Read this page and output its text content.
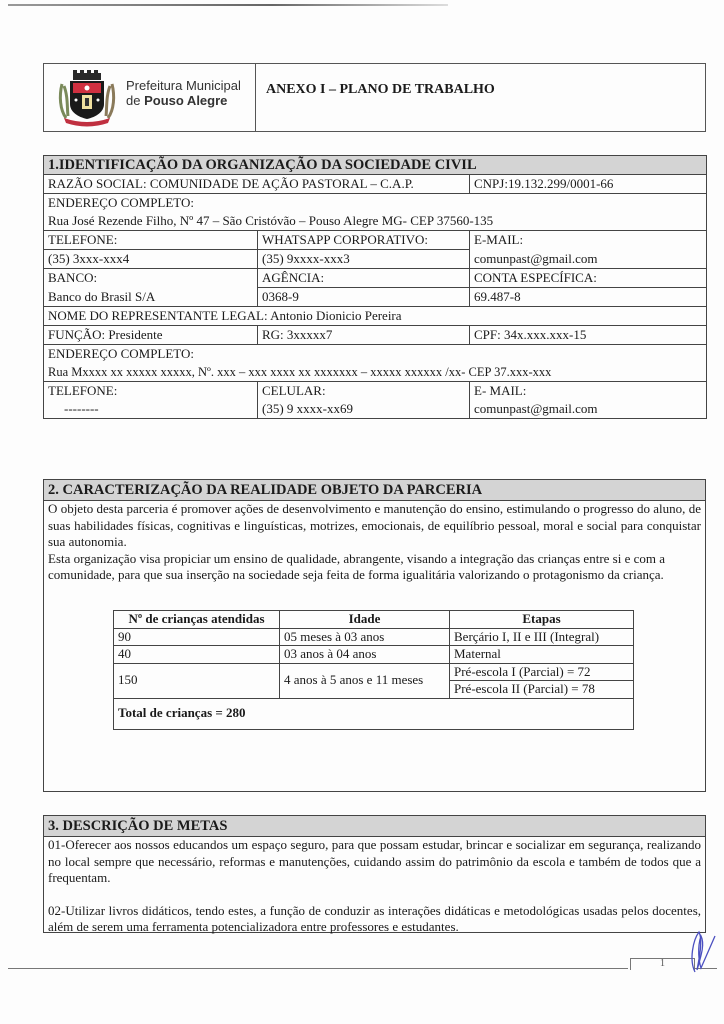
Prefeitura Municipal
de Pouso Alegre
ANEXO I – PLANO DE TRABALHO
1.IDENTIFICAÇÃO DA ORGANIZAÇÃO DA SOCIEDADE CIVIL		
RAZÃO SOCIAL: COMUNIDADE DE AÇÃO PASTORAL – C.A.P.		CNPJ:19.132.299/0001-66
ENDEREÇO COMPLETO:		
Rua José Rezende Filho, Nº 47 – São Cristóvão – Pouso Alegre MG- CEP 37560-135		
TELEFONE:	WHATSAPP CORPORATIVO:	E-MAIL:
(35) 3xxx-xxx4	(35) 9xxxx-xxx3	comunpast@gmail.com
BANCO:	AGÊNCIA:	CONTA ESPECÍFICA:
Banco do Brasil S/A	0368-9	69.487-8
NOME DO REPRESENTANTE LEGAL: Antonio Dionicio Pereira		
FUNÇÃO: Presidente	RG: 3xxxxx7	CPF: 34x.xxx.xxx-15
ENDEREÇO COMPLETO:		
Rua Mxxxx xx xxxxx xxxxx, Nº. xxx – xxx xxxx xx xxxxxxx – xxxxx xxxxxx /xx- CEP 37.xxx-xxx		
TELEFONE:	CELULAR:	E- MAIL:
--------	(35) 9 xxxx-xx69	comunpast@gmail.com
2. CARACTERIZAÇÃO DA REALIDADE OBJETO DA PARCERIA

O objeto desta parceria é promover ações de desenvolvimento e manutenção do ensino, estimulando o progresso do aluno, de suas habilidades físicas, cognitivas e linguísticas, motrizes, emocionais, de equilíbrio pessoal, moral e social para conquistar sua autonomia.

Esta organização visa propiciar um ensino de qualidade, abrangente, visando a integração das crianças entre si e com a comunidade, para que sua inserção na sociedade seja feita de forma igualitária valorizando o protagonismo da criança.

Nº de crianças atendidas	Idade	Etapas
90	05 meses à 03 anos	Berçário I, II e III (Integral)
40	03 anos à 04 anos	Maternal
150	4 anos à 5 anos e 11 meses	Pré-escola I (Parcial) = 72
		Pré-escola II (Parcial) = 78
Total de crianças = 280		
3. DESCRIÇÃO DE METAS

01-Oferecer aos nossos educandos um espaço seguro, para que possam estudar, brincar e socializar em segurança, realizando no local sempre que necessário, reformas e manutenções, cuidando assim do patrimônio da escola e também de todos que a frequentam.

02-Utilizar livros didáticos, tendo estes, a função de conduzir as interações didáticas e metodológicas usadas pelos docentes, além de serem uma ferramenta potencializadora entre professores e estudantes.

1
